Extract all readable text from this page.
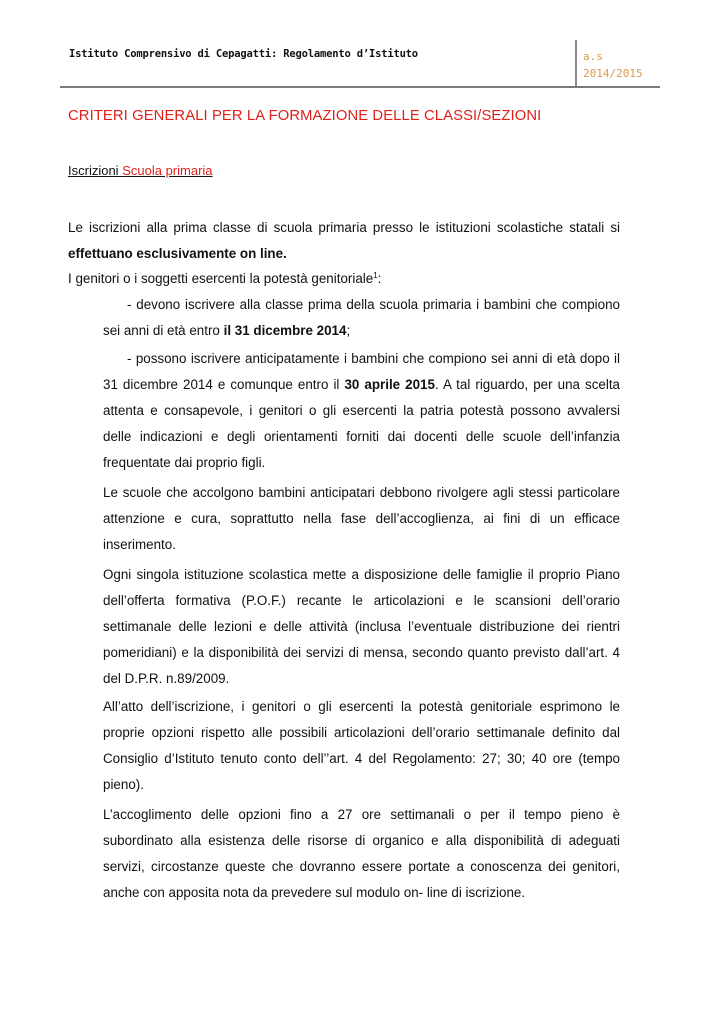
Istituto Comprensivo di Cepagatti: Regolamento d’Istituto	a.s
2014/2015
CRITERI GENERALI PER LA FORMAZIONE DELLE CLASSI/SEZIONI
Iscrizioni Scuola primaria

Le iscrizioni alla prima classe di scuola primaria presso le istituzioni scolastiche statali si effettuano esclusivamente on line.

I genitori o i soggetti esercenti la potestà genitoriale$^1$:

- devono iscrivere alla classe prima della scuola primaria i bambini che compiono sei anni di età entro il 31 dicembre 2014;

- possono iscrivere anticipatamente i bambini che compiono sei anni di età dopo il 31 dicembre 2014 e comunque entro il 30 aprile 2015. A tal riguardo, per una scelta attenta e consapevole, i genitori o gli esercenti la patria potestà possono avvalersi delle indicazioni e degli orientamenti forniti dai docenti delle scuole dell’infanzia frequentate dai proprio figli.

Le scuole che accolgono bambini anticipatari debbono rivolgere agli stessi particolare attenzione e cura, soprattutto nella fase dell’accoglienza, ai fini di un efficace inserimento.

Ogni singola istituzione scolastica mette a disposizione delle famiglie il proprio Piano dell’offerta formativa (P.O.F.) recante le articolazioni e le scansioni dell’orario settimanale delle lezioni e delle attività (inclusa l’eventuale distribuzione dei rientri pomeridiani) e la disponibilità dei servizi di mensa, secondo quanto previsto dall’art. 4 del D.P.R. n.89/2009.

All’atto dell’iscrizione, i genitori o gli esercenti la potestà genitoriale esprimono le proprie opzioni rispetto alle possibili articolazioni dell’orario settimanale definito dal Consiglio d’Istituto tenuto conto dell’’art. 4 del Regolamento: 27; 30; 40 ore (tempo pieno).

L’accoglimento delle opzioni fino a 27 ore settimanali o per il tempo pieno è subordinato alla esistenza delle risorse di organico e alla disponibilità di adeguati servizi, circostanze queste che dovranno essere portate a conoscenza dei genitori, anche con apposita nota da prevedere sul modulo on- line di iscrizione.
